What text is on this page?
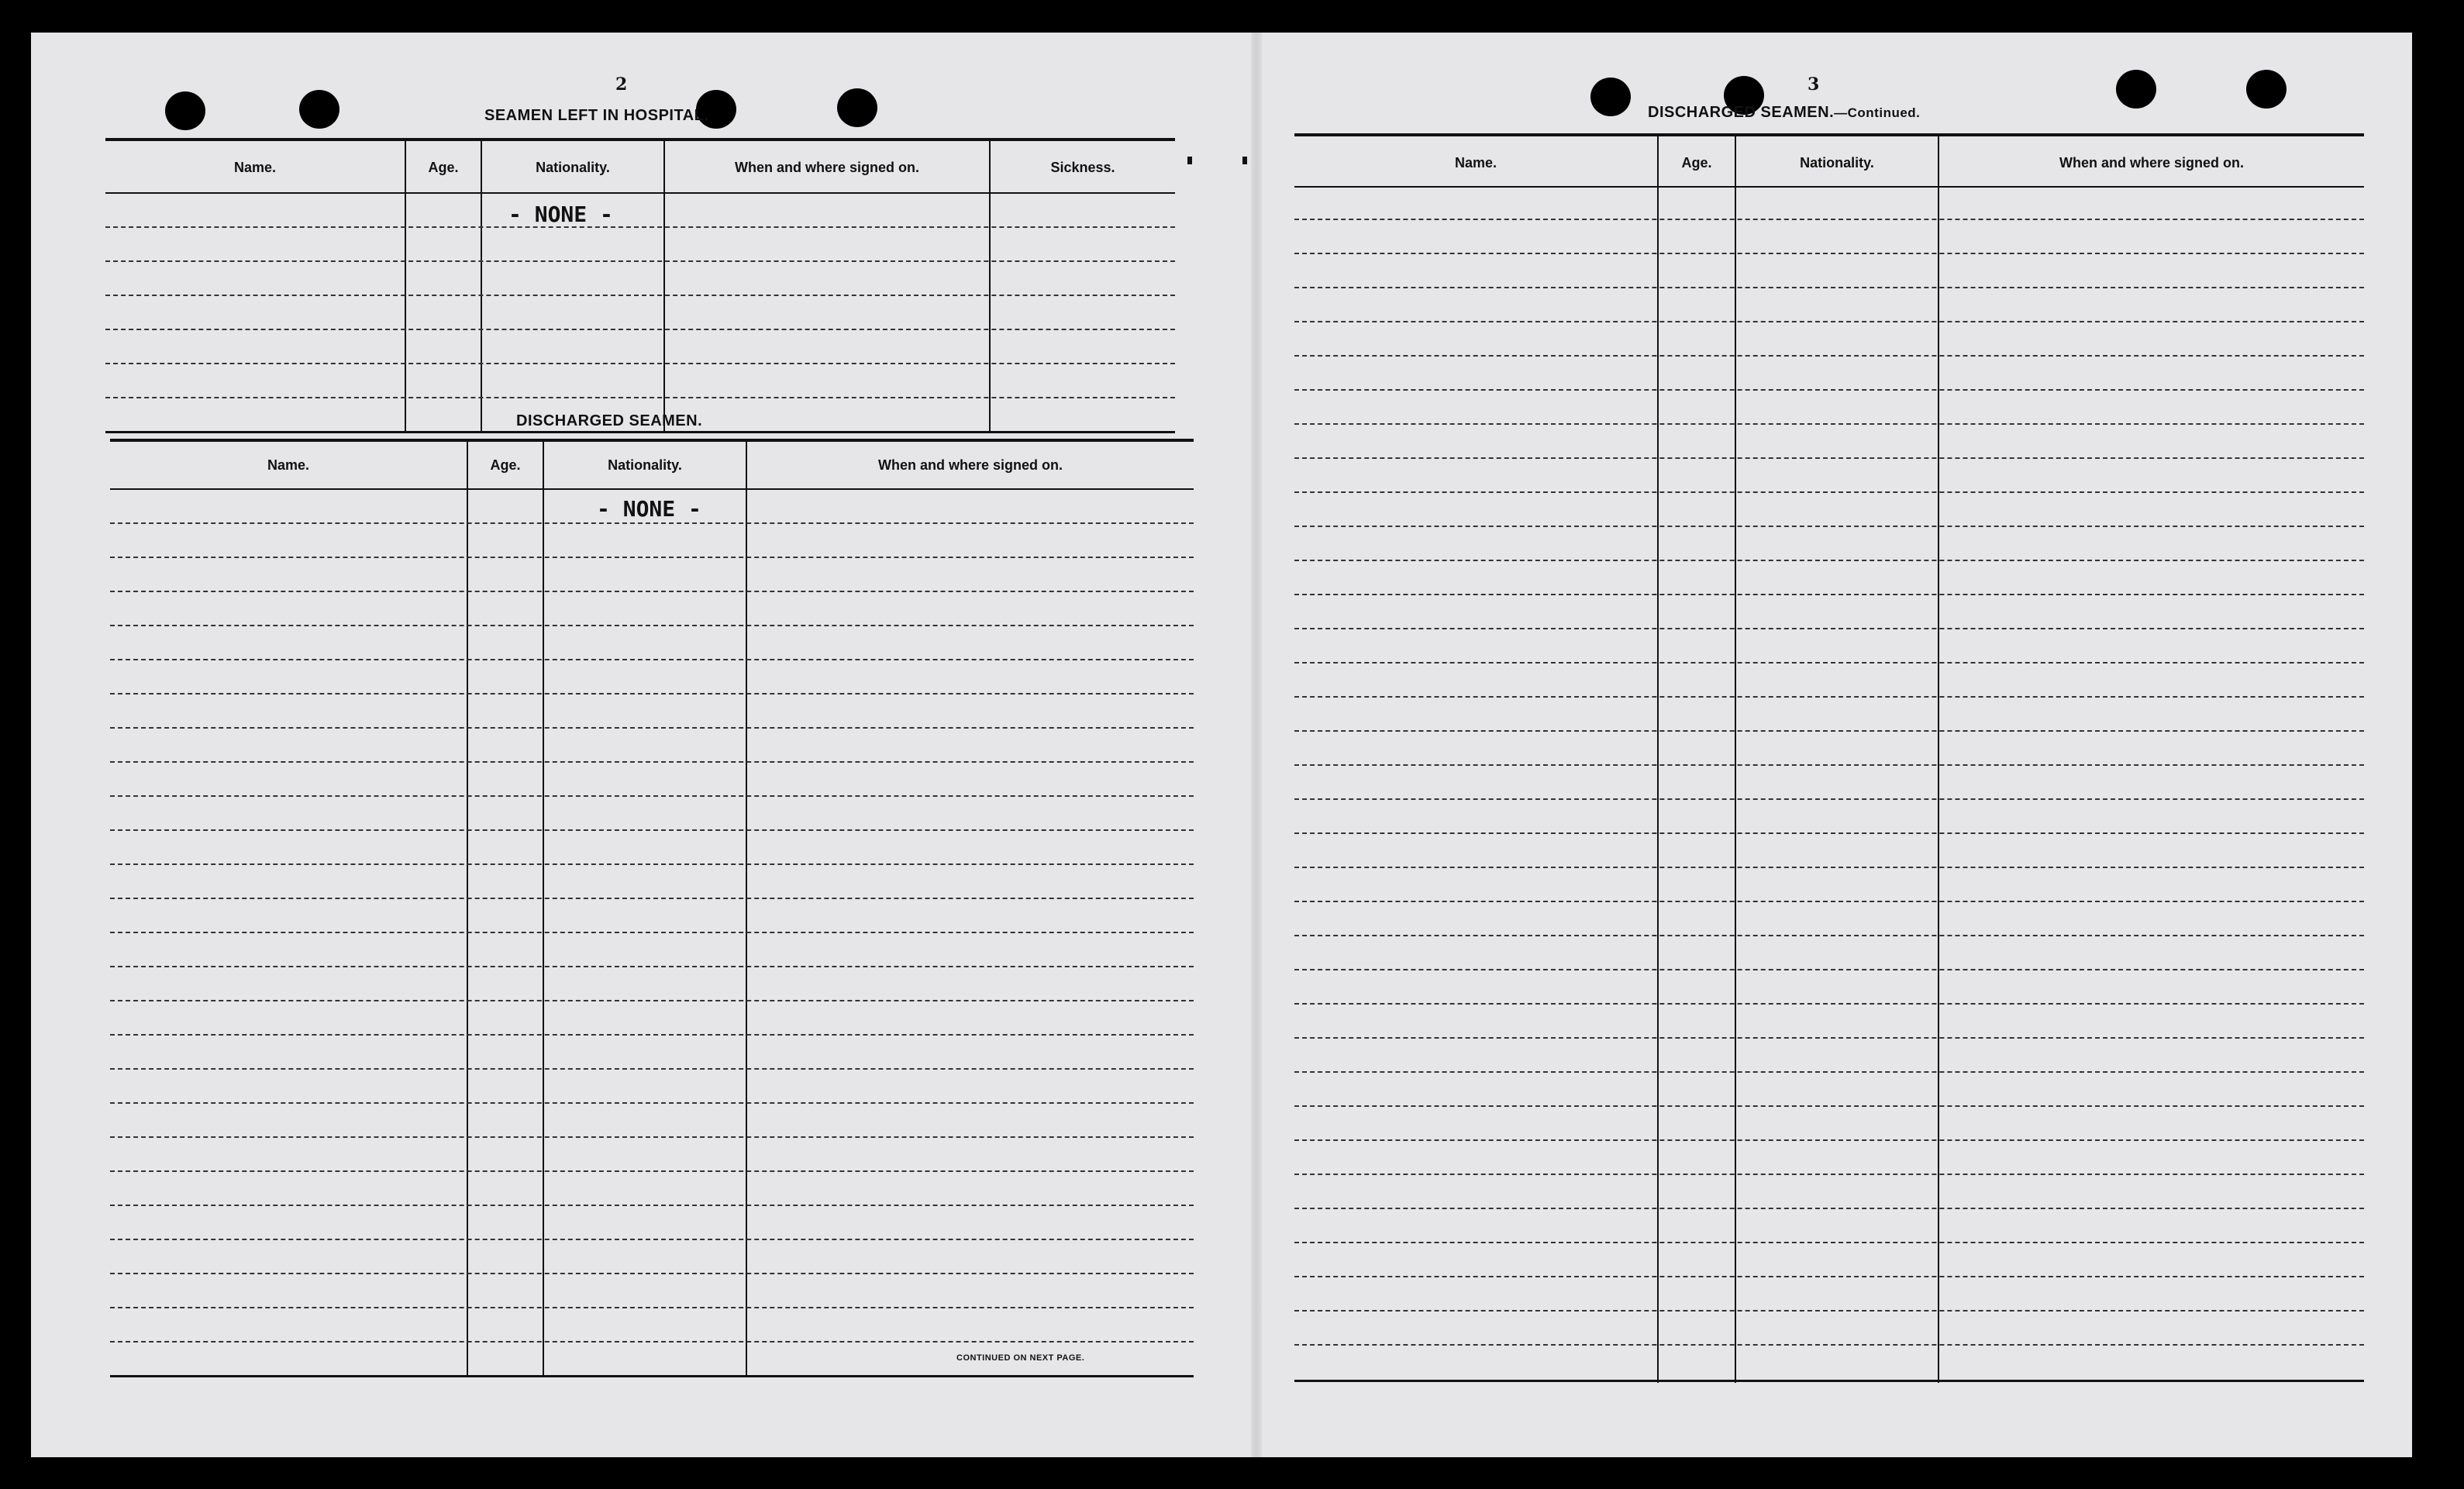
2
SEAMEN LEFT IN HOSPITAL.
Name.	Age.	Nationality.	When and where signed on.	Sickness.
- NONE -
DISCHARGED SEAMEN.
Name.	Age.	Nationality.	When and where signed on.
- NONE -
CONTINUED ON NEXT PAGE.
3
DISCHARGED SEAMEN.—Continued.
Name.	Age.	Nationality.	When and where signed on.
